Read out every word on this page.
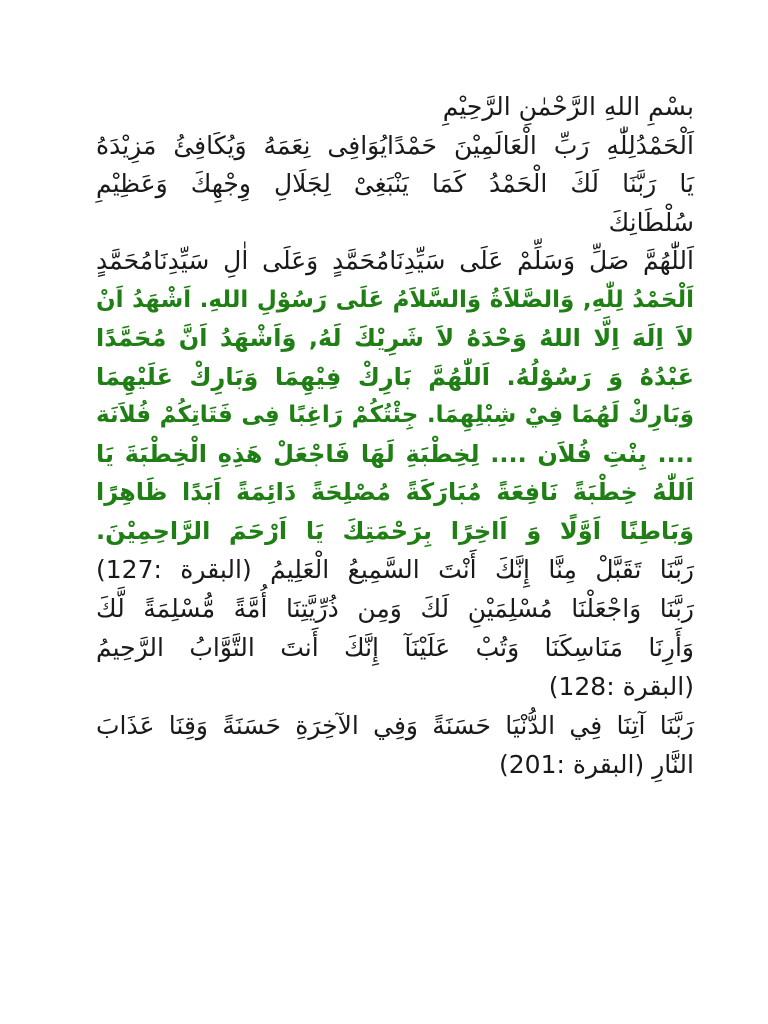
بسْمِ اللهِ الرَّحْمٰنِ الرَّحِيْمِ
اَلْحَمْدُلِلّٰهِ رَبِّ الْعَالَمِيْنَ حَمْدًايُوَافِى نِعَمَهُ وَيُكَافِئُ مَزِيْدَهُ
يَا رَبَّنَا لَكَ الْحَمْدُ كَمَا يَنْبَغِىْ لِجَلَالِ وِجْهِكَ وَعَظِيْمِ
سُلْطَانِكَ
اَللّٰهُمَّ صَلِّ وَسَلِّمْ عَلَى سَيِّدِنَامُحَمَّدٍ وَعَلَى اٰلِ سَيِّدِنَامُحَمَّدٍ
اَلْحَمْدُ لِلّٰهِ, وَالصَّلاَةُ وَالسَّلاَمُ عَلَى رَسُوْلِ اللهِ. اَشْهَدُ اَنْ
لاَ اِلَهَ اِلَّا اللهُ وَحْدَهُ لاَ شَرِيْكَ لَهُ, وَاَشْهَدُ اَنَّ مُحَمَّدًا
عَبْدُهُ وَ رَسُوْلُهُ. اَللّٰهُمَّ بَارِكْ فِيْهِمَا وَبَارِكْ عَلَيْهِمَا
وَبَارِكْ لَهُمَا فِيْ شِبْلِهِمَا. جِئْتُكُمْ رَاغِبًا فِى فَتَاتِكُمْ فُلاَنَة
.... بِنْتِ فُلاَن .... لِخِطْبَةِ لَهَا فَاجْعَلْ هَذِهِ الْخِطْبَةَ يَا
اَللّٰهُ خِطْبَةً نَافِعَةً مُبَارَكَةً مُصْلِحَةً دَائِمَةً اَبَدًا ظَاهِرًا
وَبَاطِنًا اَوَّلًا وَ اَاخِرًا بِرَحْمَتِكَ يَا اَرْحَمَ الرَّاحِمِيْنَ.
رَبَّنَا تَقَبَّلْ مِنَّا إِنَّكَ أَنْتَ السَّمِيعُ الْعَلِيمُ (البقرة :127)
رَبَّنَا وَاجْعَلْنَا مُسْلِمَيْنِ لَكَ وَمِن ذُرِّيَّتِنَا أُمَّةً مُّسْلِمَةً لَّكَ
وَأَرِنَا مَنَاسِكَنَا وَتُبْ عَلَيْنَآ إِنَّكَ أَنتَ التَّوَّابُ الرَّحِيمُ
(البقرة :128)
رَبَّنَا آتِنَا فِي الدُّنْيَا حَسَنَةً وَفِي الآخِرَةِ حَسَنَةً وَقِنَا عَذَابَ
النَّارِ (البقرة :201)
